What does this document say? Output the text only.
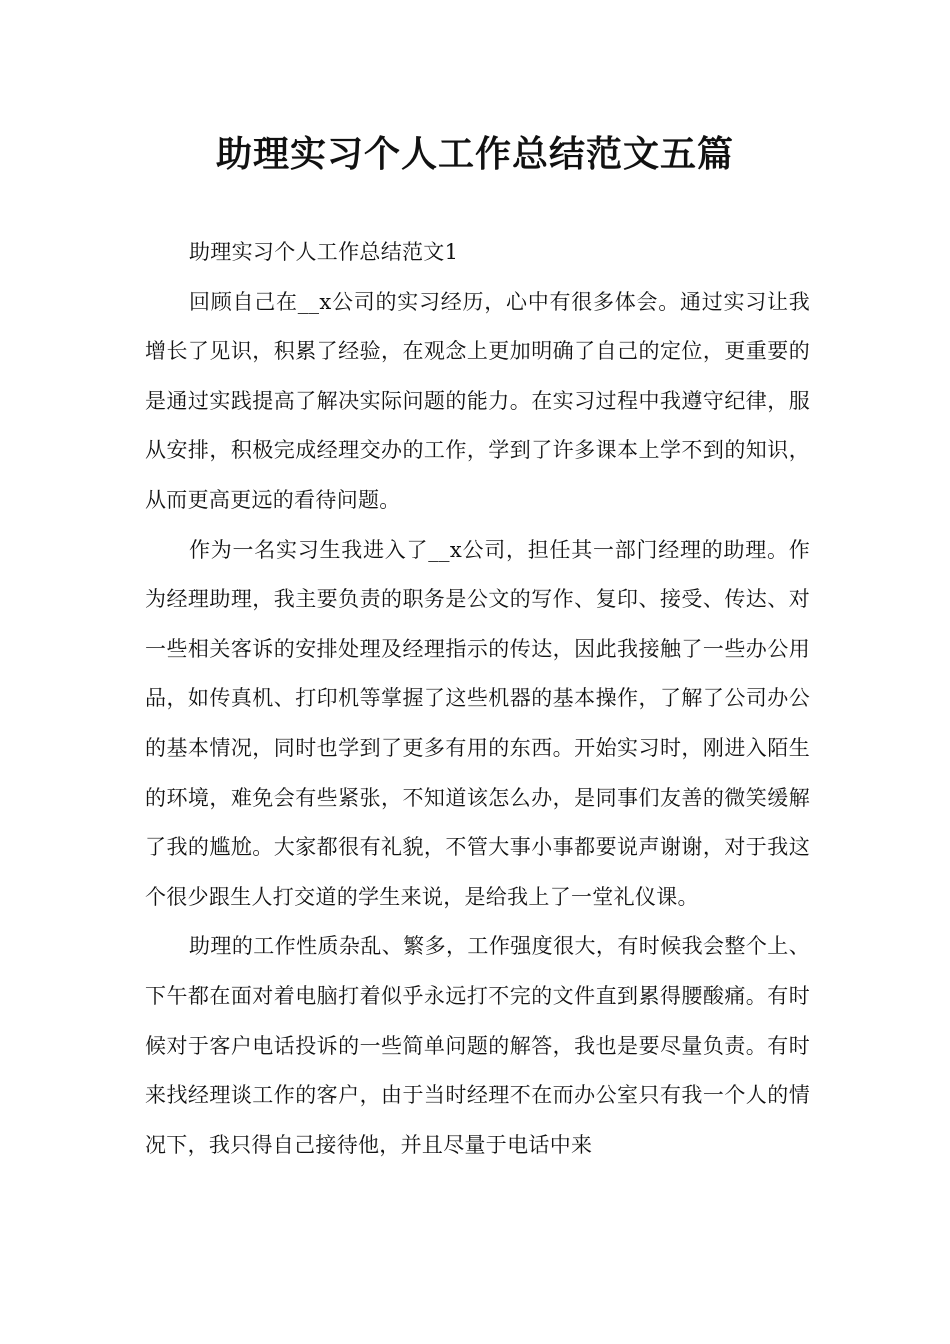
助理实习个人工作总结范文五篇

助理实习个人工作总结范文1

回顾自己在__x公司的实习经历，心中有很多体会。通过实习让我增长了见识，积累了经验，在观念上更加明确了自己的定位，更重要的是通过实践提高了解决实际问题的能力。在实习过程中我遵守纪律，服从安排，积极完成经理交办的工作，学到了许多课本上学不到的知识，从而更高更远的看待问题。

作为一名实习生我进入了__x公司，担任其一部门经理的助理。作为经理助理，我主要负责的职务是公文的写作、复印、接受、传达、对一些相关客诉的安排处理及经理指示的传达，因此我接触了一些办公用品，如传真机、打印机等掌握了这些机器的基本操作，了解了公司办公的基本情况，同时也学到了更多有用的东西。开始实习时，刚进入陌生的环境，难免会有些紧张，不知道该怎么办，是同事们友善的微笑缓解了我的尴尬。大家都很有礼貌，不管大事小事都要说声谢谢，对于我这个很少跟生人打交道的学生来说，是给我上了一堂礼仪课。

助理的工作性质杂乱、繁多，工作强度很大，有时候我会整个上、下午都在面对着电脑打着似乎永远打不完的文件直到累得腰酸痛。有时候对于客户电话投诉的一些简单问题的解答，我也是要尽量负责。有时来找经理谈工作的客户，由于当时经理不在而办公室只有我一个人的情况下，我只得自己接待他，并且尽量于电话中来
